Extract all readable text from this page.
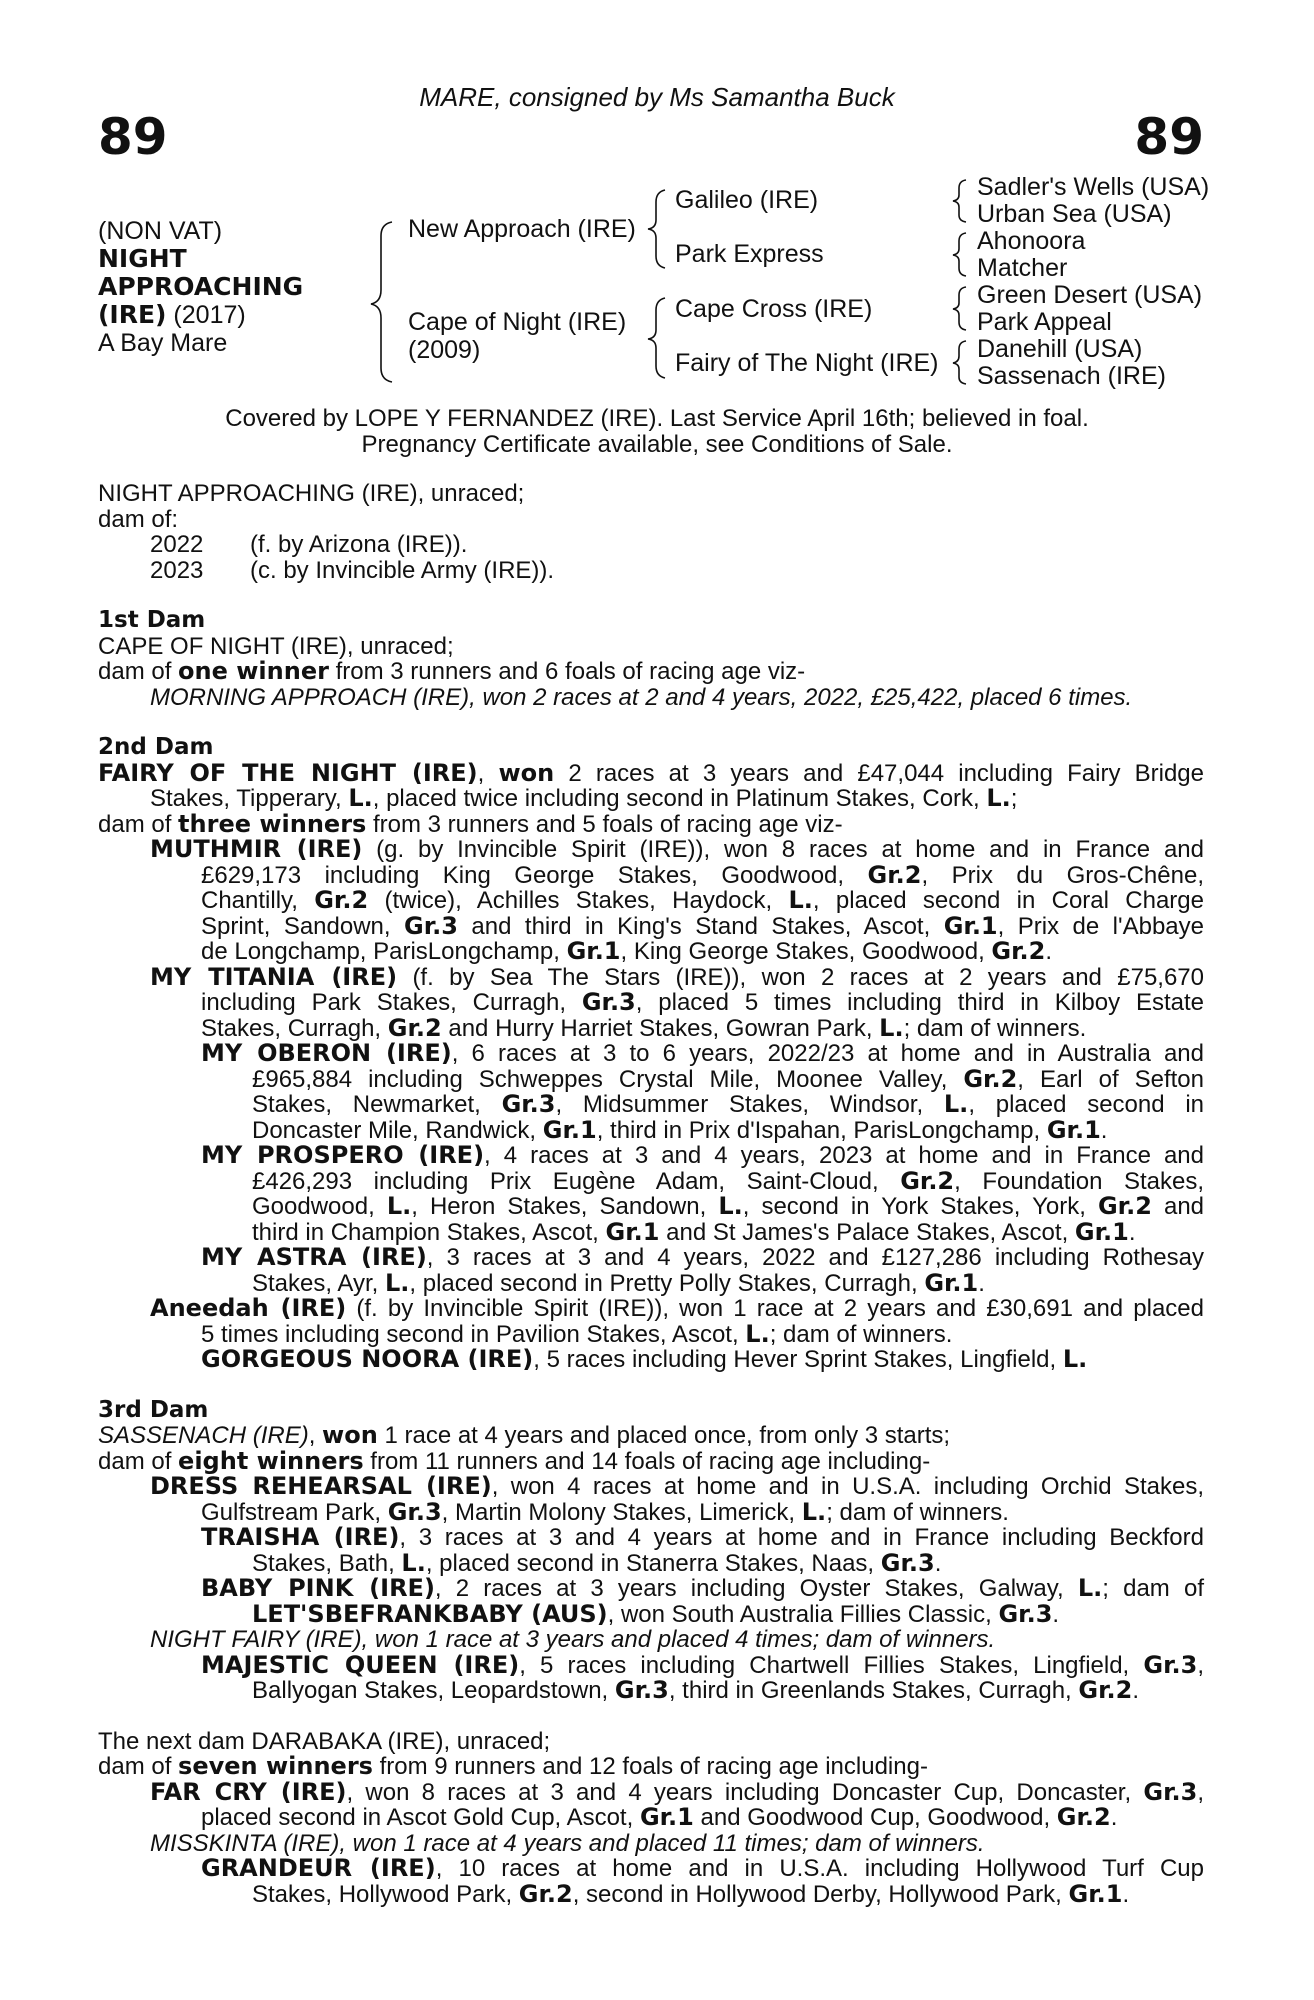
MARE, consigned by Ms Samantha Buck
89	89
(NON VAT)
NIGHT
APPROACHING
(IRE) (2017)
A Bay Mare
New Approach (IRE)
Cape of Night (IRE)
(2009)
Galileo (IRE)
Park Express
Cape Cross (IRE)
Fairy of The Night (IRE)
Sadler's Wells (USA)
Urban Sea (USA)
Ahonoora
Matcher
Green Desert (USA)
Park Appeal
Danehill (USA)
Sassenach (IRE)
Covered by LOPE Y FERNANDEZ (IRE). Last Service April 16th; believed in foal.
Pregnancy Certificate available, see Conditions of Sale.
NIGHT APPROACHING (IRE), unraced;
dam of:
2022 (f. by Arizona (IRE)).
2023 (c. by Invincible Army (IRE)).
1st Dam
CAPE OF NIGHT (IRE), unraced;
dam of one winner from 3 runners and 6 foals of racing age viz-
MORNING APPROACH (IRE), won 2 races at 2 and 4 years, 2022, £25,422, placed 6 times.
2nd Dam
FAIRY OF THE NIGHT (IRE), won 2 races at 3 years and £47,044 including Fairy Bridge
Stakes, Tipperary, L., placed twice including second in Platinum Stakes, Cork, L.;
dam of three winners from 3 runners and 5 foals of racing age viz-
MUTHMIR (IRE) (g. by Invincible Spirit (IRE)), won 8 races at home and in France and
£629,173 including King George Stakes, Goodwood, Gr.2, Prix du Gros-Chêne,
Chantilly, Gr.2 (twice), Achilles Stakes, Haydock, L., placed second in Coral Charge
Sprint, Sandown, Gr.3 and third in King's Stand Stakes, Ascot, Gr.1, Prix de l'Abbaye
de Longchamp, ParisLongchamp, Gr.1, King George Stakes, Goodwood, Gr.2.
MY TITANIA (IRE) (f. by Sea The Stars (IRE)), won 2 races at 2 years and £75,670
including Park Stakes, Curragh, Gr.3, placed 5 times including third in Kilboy Estate
Stakes, Curragh, Gr.2 and Hurry Harriet Stakes, Gowran Park, L.; dam of winners.
MY OBERON (IRE), 6 races at 3 to 6 years, 2022/23 at home and in Australia and
£965,884 including Schweppes Crystal Mile, Moonee Valley, Gr.2, Earl of Sefton
Stakes, Newmarket, Gr.3, Midsummer Stakes, Windsor, L., placed second in
Doncaster Mile, Randwick, Gr.1, third in Prix d'Ispahan, ParisLongchamp, Gr.1.
MY PROSPERO (IRE), 4 races at 3 and 4 years, 2023 at home and in France and
£426,293 including Prix Eugène Adam, Saint-Cloud, Gr.2, Foundation Stakes,
Goodwood, L., Heron Stakes, Sandown, L., second in York Stakes, York, Gr.2 and
third in Champion Stakes, Ascot, Gr.1 and St James's Palace Stakes, Ascot, Gr.1.
MY ASTRA (IRE), 3 races at 3 and 4 years, 2022 and £127,286 including Rothesay
Stakes, Ayr, L., placed second in Pretty Polly Stakes, Curragh, Gr.1.
Aneedah (IRE) (f. by Invincible Spirit (IRE)), won 1 race at 2 years and £30,691 and placed
5 times including second in Pavilion Stakes, Ascot, L.; dam of winners.
GORGEOUS NOORA (IRE), 5 races including Hever Sprint Stakes, Lingfield, L.
3rd Dam
SASSENACH (IRE), won 1 race at 4 years and placed once, from only 3 starts;
dam of eight winners from 11 runners and 14 foals of racing age including-
DRESS REHEARSAL (IRE), won 4 races at home and in U.S.A. including Orchid Stakes,
Gulfstream Park, Gr.3, Martin Molony Stakes, Limerick, L.; dam of winners.
TRAISHA (IRE), 3 races at 3 and 4 years at home and in France including Beckford
Stakes, Bath, L., placed second in Stanerra Stakes, Naas, Gr.3.
BABY PINK (IRE), 2 races at 3 years including Oyster Stakes, Galway, L.; dam of
LET'SBEFRANKBABY (AUS), won South Australia Fillies Classic, Gr.3.
NIGHT FAIRY (IRE), won 1 race at 3 years and placed 4 times; dam of winners.
MAJESTIC QUEEN (IRE), 5 races including Chartwell Fillies Stakes, Lingfield, Gr.3,
Ballyogan Stakes, Leopardstown, Gr.3, third in Greenlands Stakes, Curragh, Gr.2.
The next dam DARABAKA (IRE), unraced;
dam of seven winners from 9 runners and 12 foals of racing age including-
FAR CRY (IRE), won 8 races at 3 and 4 years including Doncaster Cup, Doncaster, Gr.3,
placed second in Ascot Gold Cup, Ascot, Gr.1 and Goodwood Cup, Goodwood, Gr.2.
MISSKINTA (IRE), won 1 race at 4 years and placed 11 times; dam of winners.
GRANDEUR (IRE), 10 races at home and in U.S.A. including Hollywood Turf Cup
Stakes, Hollywood Park, Gr.2, second in Hollywood Derby, Hollywood Park, Gr.1.
